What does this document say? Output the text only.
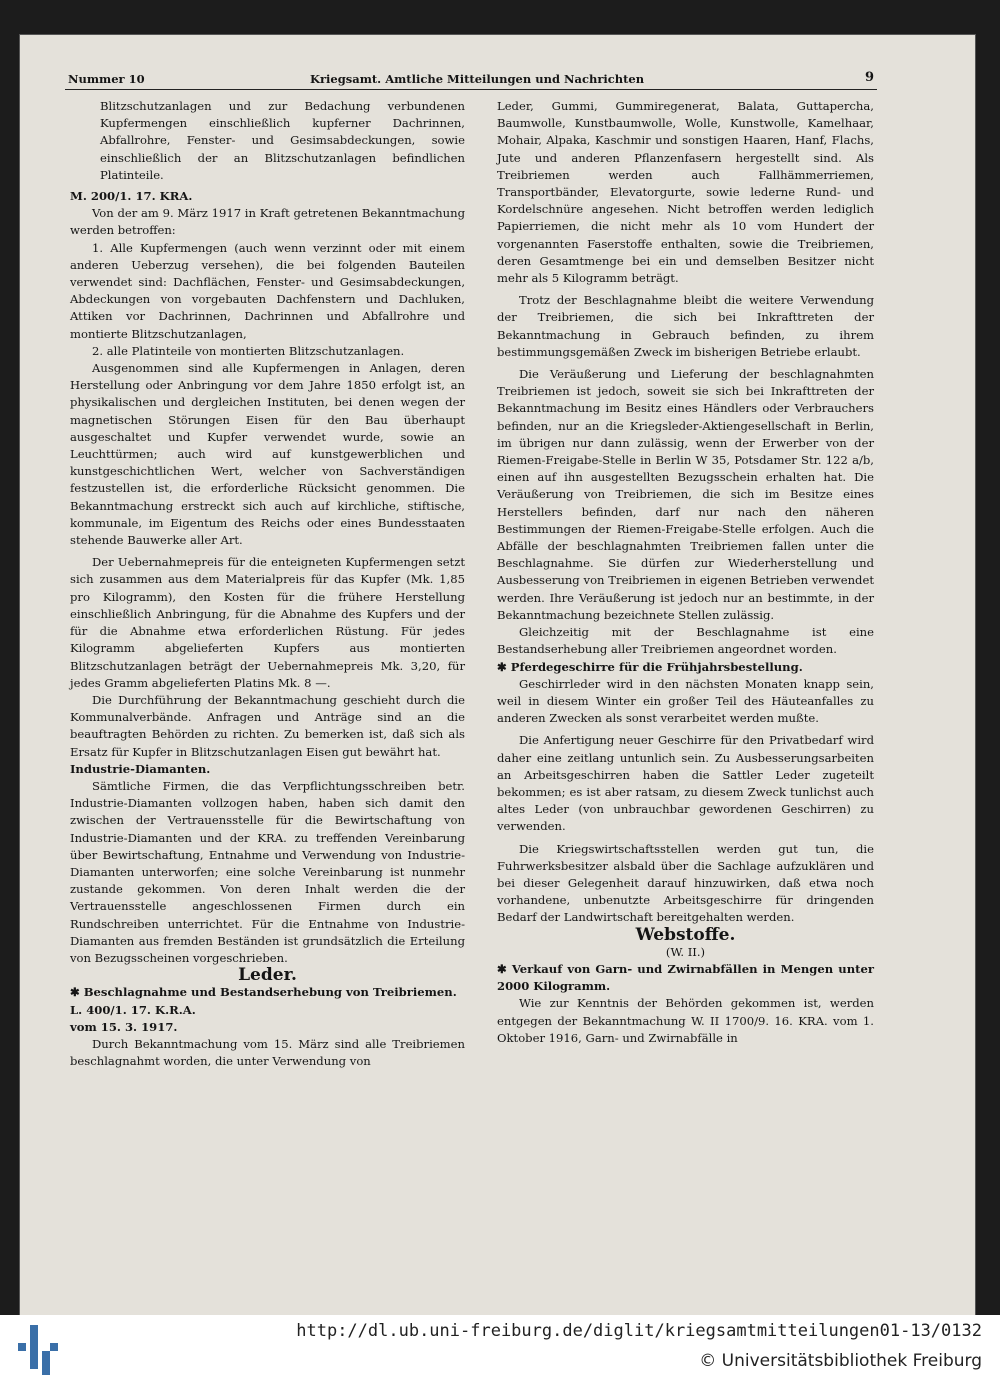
Nummer 10	Kriegsamt. Amtliche Mitteilungen und Nachrichten	9

Blitzschutzanlagen und zur Bedachung verbundenen Kupfermengen einschließlich kupferner Dachrinnen, Abfallrohre, Fenster- und Gesimsabdeckungen, sowie einschließlich der an Blitzschutzanlagen befindlichen Platinteile.

M. 200/1. 17. KRA.

Von der am 9. März 1917 in Kraft getretenen Bekanntmachung werden betroffen:

1. Alle Kupfermengen (auch wenn verzinnt oder mit einem anderen Ueberzug versehen), die bei folgenden Bauteilen verwendet sind: Dachflächen, Fenster- und Gesimsabdeckungen, Abdeckungen von vorgebauten Dachfenstern und Dachluken, Attiken vor Dachrinnen, Dachrinnen und Abfallrohre und montierte Blitzschutzanlagen,

2. alle Platinteile von montierten Blitzschutzanlagen.

Ausgenommen sind alle Kupfermengen in Anlagen, deren Herstellung oder Anbringung vor dem Jahre 1850 erfolgt ist, an physikalischen und dergleichen Instituten, bei denen wegen der magnetischen Störungen Eisen für den Bau überhaupt ausgeschaltet und Kupfer verwendet wurde, sowie an Leuchttürmen; auch wird auf kunstgewerblichen und kunstgeschichtlichen Wert, welcher von Sachverständigen festzustellen ist, die erforderliche Rücksicht genommen. Die Bekanntmachung erstreckt sich auch auf kirchliche, stiftische, kommunale, im Eigentum des Reichs oder eines Bundesstaaten stehende Bauwerke aller Art.

Der Uebernahmepreis für die enteigneten Kupfermengen setzt sich zusammen aus dem Materialpreis für das Kupfer (Mk. 1,85 pro Kilogramm), den Kosten für die frühere Herstellung einschließlich Anbringung, für die Abnahme des Kupfers und der für die Abnahme etwa erforderlichen Rüstung. Für jedes Kilogramm abgelieferten Kupfers aus montierten Blitzschutzanlagen beträgt der Uebernahmepreis Mk. 3,20, für jedes Gramm abgelieferten Platins Mk. 8 —.

Die Durchführung der Bekanntmachung geschieht durch die Kommunalverbände. Anfragen und Anträge sind an die beauftragten Behörden zu richten. Zu bemerken ist, daß sich als Ersatz für Kupfer in Blitzschutzanlagen Eisen gut bewährt hat.

Industrie-Diamanten.

Sämtliche Firmen, die das Verpflichtungsschreiben betr. Industrie-Diamanten vollzogen haben, haben sich damit den zwischen der Vertrauensstelle für die Bewirtschaftung von Industrie-Diamanten und der KRA. zu treffenden Vereinbarung über Bewirtschaftung, Entnahme und Verwendung von Industrie-Diamanten unterworfen; eine solche Vereinbarung ist nunmehr zustande gekommen. Von deren Inhalt werden die der Vertrauensstelle angeschlossenen Firmen durch ein Rundschreiben unterrichtet. Für die Entnahme von Industrie-Diamanten aus fremden Beständen ist grundsätzlich die Erteilung von Bezugsscheinen vorgeschrieben.

Leder.

✱ Beschlagnahme und Bestandserhebung von Treibriemen.

L. 400/1. 17. K.R.A.

vom 15. 3. 1917.

Durch Bekanntmachung vom 15. März sind alle Treibriemen beschlagnahmt worden, die unter Verwendung von

Leder, Gummi, Gummiregenerat, Balata, Guttapercha, Baumwolle, Kunstbaumwolle, Wolle, Kunstwolle, Kamelhaar, Mohair, Alpaka, Kaschmir und sonstigen Haaren, Hanf, Flachs, Jute und anderen Pflanzenfasern hergestellt sind. Als Treibriemen werden auch Fallhämmerriemen, Transportbänder, Elevatorgurte, sowie lederne Rund- und Kordelschnüre angesehen. Nicht betroffen werden lediglich Papierriemen, die nicht mehr als 10 vom Hundert der vorgenannten Faserstoffe enthalten, sowie die Treibriemen, deren Gesamtmenge bei ein und demselben Besitzer nicht mehr als 5 Kilogramm beträgt.

Trotz der Beschlagnahme bleibt die weitere Verwendung der Treibriemen, die sich bei Inkrafttreten der Bekanntmachung in Gebrauch befinden, zu ihrem bestimmungsgemäßen Zweck im bisherigen Betriebe erlaubt.

Die Veräußerung und Lieferung der beschlagnahmten Treibriemen ist jedoch, soweit sie sich bei Inkrafttreten der Bekanntmachung im Besitz eines Händlers oder Verbrauchers befinden, nur an die Kriegsleder-Aktiengesellschaft in Berlin, im übrigen nur dann zulässig, wenn der Erwerber von der Riemen-Freigabe-Stelle in Berlin W 35, Potsdamer Str. 122 a/b, einen auf ihn ausgestellten Bezugsschein erhalten hat. Die Veräußerung von Treibriemen, die sich im Besitze eines Herstellers befinden, darf nur nach den näheren Bestimmungen der Riemen-Freigabe-Stelle erfolgen. Auch die Abfälle der beschlagnahmten Treibriemen fallen unter die Beschlagnahme. Sie dürfen zur Wiederherstellung und Ausbesserung von Treibriemen in eigenen Betrieben verwendet werden. Ihre Veräußerung ist jedoch nur an bestimmte, in der Bekanntmachung bezeichnete Stellen zulässig.

Gleichzeitig mit der Beschlagnahme ist eine Bestandserhebung aller Treibriemen angeordnet worden.

✱ Pferdegeschirre für die Frühjahrsbestellung.

Geschirrleder wird in den nächsten Monaten knapp sein, weil in diesem Winter ein großer Teil des Häuteanfalles zu anderen Zwecken als sonst verarbeitet werden mußte.

Die Anfertigung neuer Geschirre für den Privatbedarf wird daher eine zeitlang untunlich sein. Zu Ausbesserungsarbeiten an Arbeitsgeschirren haben die Sattler Leder zugeteilt bekommen; es ist aber ratsam, zu diesem Zweck tunlichst auch altes Leder (von unbrauchbar gewordenen Geschirren) zu verwenden.

Die Kriegswirtschaftsstellen werden gut tun, die Fuhrwerksbesitzer alsbald über die Sachlage aufzuklären und bei dieser Gelegenheit darauf hinzuwirken, daß etwa noch vorhandene, unbenutzte Arbeitsgeschirre für dringenden Bedarf der Landwirtschaft bereitgehalten werden.

Webstoffe.

(W. II.)

✱ Verkauf von Garn- und Zwirnabfällen in Mengen unter 2000 Kilogramm.

Wie zur Kenntnis der Behörden gekommen ist, werden entgegen der Bekanntmachung W. II 1700/9. 16. KRA. vom 1. Oktober 1916, Garn- und Zwirnabfälle in

http://dl.ub.uni-freiburg.de/diglit/kriegsamtmitteilungen01-13/0132
© Universitätsbibliothek Freiburg
